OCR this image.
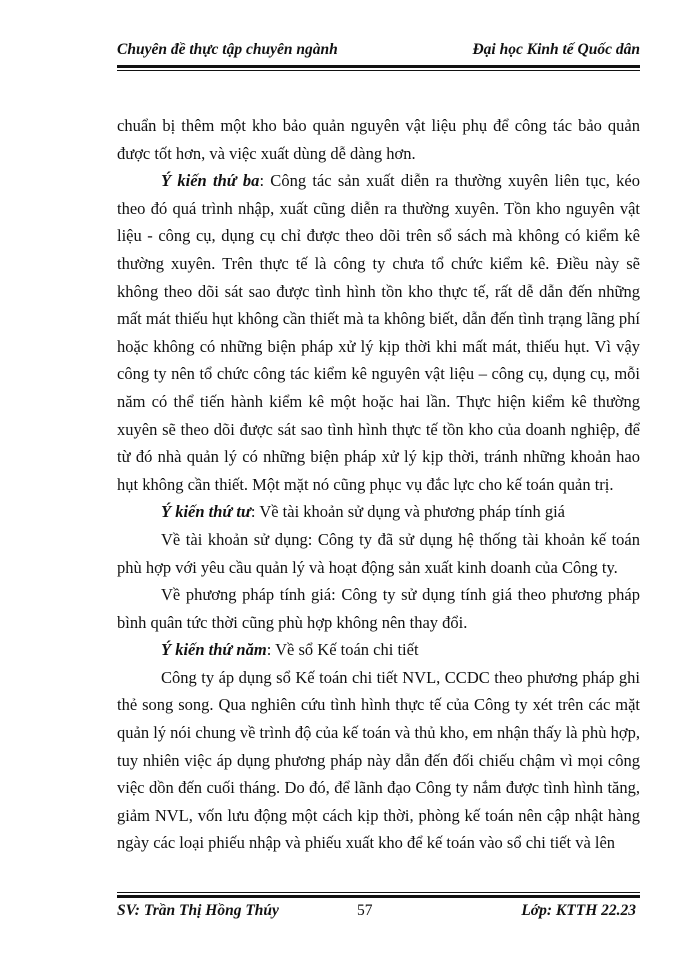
Chuyên đề thực tập chuyên ngành	Đại học Kinh tế Quốc dân

chuẩn bị thêm một kho bảo quản nguyên vật liệu phụ để công tác bảo quản được tốt hơn, và việc xuất dùng dễ dàng hơn.

Ý kiến thứ ba: Công tác sản xuất diễn ra thường xuyên liên tục, kéo theo đó quá trình nhập, xuất cũng diễn ra thường xuyên. Tồn kho nguyên vật liệu - công cụ, dụng cụ chỉ được theo dõi trên sổ sách mà không có kiểm kê thường xuyên. Trên thực tế là công ty chưa tổ chức kiểm kê. Điều này sẽ không theo dõi sát sao được tình hình tồn kho thực tế, rất dễ dẫn đến những mất mát thiếu hụt không cần thiết mà ta không biết, dẫn đến tình trạng lãng phí hoặc không có những biện pháp xử lý kịp thời khi mất mát, thiếu hụt. Vì vậy công ty nên tổ chức công tác kiểm kê nguyên vật liệu – công cụ, dụng cụ, mỗi năm có thể tiến hành kiểm kê một hoặc hai lần. Thực hiện kiểm kê thường xuyên sẽ theo dõi được sát sao tình hình thực tế tồn kho của doanh nghiệp, để từ đó nhà quản lý có những biện pháp xử lý kịp thời, tránh những khoản hao hụt không cần thiết. Một mặt nó cũng phục vụ đắc lực cho kế toán quản trị.

Ý kiến thứ tư: Về tài khoản sử dụng và phương pháp tính giá

Về tài khoản sử dụng: Công ty đã sử dụng hệ thống tài khoản kế toán phù hợp với yêu cầu quản lý và hoạt động sản xuất kinh doanh của Công ty.

Về phương pháp tính giá: Công ty sử dụng tính giá theo phương pháp bình quân tức thời cũng phù hợp không nên thay đổi.

Ý kiến thứ năm: Về sổ Kế toán chi tiết

Công ty áp dụng sổ Kế toán chi tiết NVL, CCDC theo phương pháp ghi thẻ song song. Qua nghiên cứu tình hình thực tế của Công ty xét trên các mặt quản lý nói chung về trình độ của kế toán và thủ kho, em nhận thấy là phù hợp, tuy nhiên việc áp dụng phương pháp này dẫn đến đối chiếu chậm vì mọi công việc dồn đến cuối tháng. Do đó, để lãnh đạo Công ty nắm được tình hình tăng, giảm NVL, vốn lưu động một cách kịp thời, phòng kế toán nên cập nhật hàng ngày các loại phiếu nhập và phiếu xuất kho để kế toán vào sổ chi tiết và lên

SV: Trần Thị Hồng Thúy	57	Lớp: KTTH 22.23
